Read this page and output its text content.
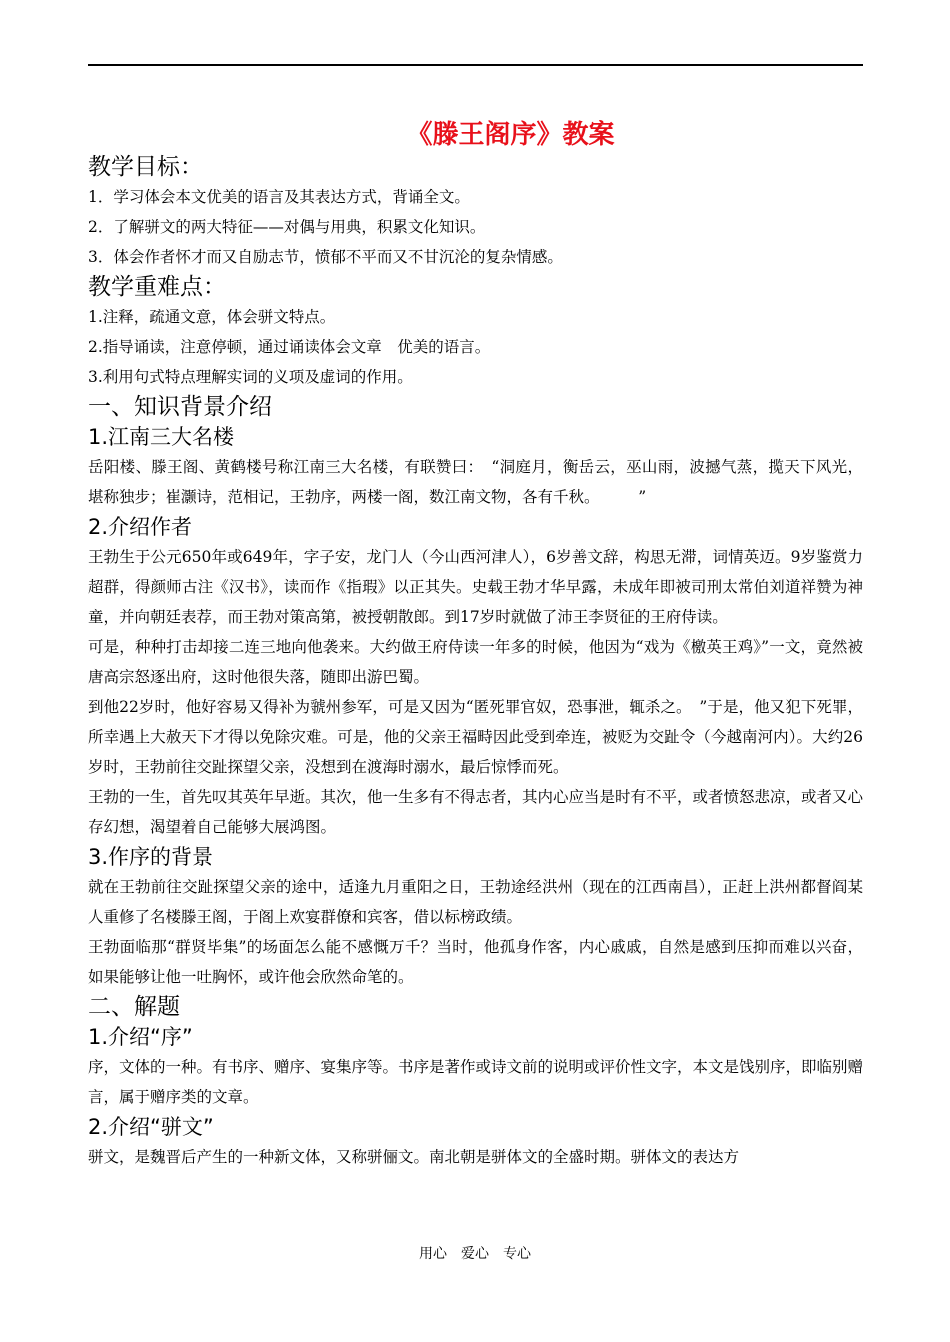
《滕王阁序》教案
教学目标：
1．学习体会本文优美的语言及其表达方式，背诵全文。
2．了解骈文的两大特征——对偶与用典，积累文化知识。
3．体会作者怀才而又自励志节，愤郁不平而又不甘沉沦的复杂情感。
教学重难点：
1.注释，疏通文意，体会骈文特点。
2.指导诵读，注意停顿，通过诵读体会文章　优美的语言。
3.利用句式特点理解实词的义项及虚词的作用。
一、知识背景介绍
1.江南三大名楼
岳阳楼、滕王阁、黄鹤楼号称江南三大名楼，有联赞曰：　“洞庭月，衡岳云，巫山雨，波撼气蒸，揽天下风光，堪称独步；崔灏诗，范相记，王勃序，两楼一阁，数江南文物，各有千秋。　　　”
2.介绍作者
王勃生于公元650年或649年，字子安，龙门人（今山西河津人），6岁善文辞，构思无滞，词情英迈。9岁鉴赏力超群，得颜师古注《汉书》，读而作《指瑕》以正其失。史载王勃才华早露，未成年即被司刑太常伯刘道祥赞为神童，并向朝廷表荐，而王勃对策高第，被授朝散郎。到17岁时就做了沛王李贤征的王府侍读。
可是，种种打击却接二连三地向他袭来。大约做王府侍读一年多的时候，他因为“戏为《檄英王鸡》”一文，竟然被唐高宗怒逐出府，这时他很失落，随即出游巴蜀。
到他22岁时，他好容易又得补为虢州参军，可是又因为“匿死罪官奴，恐事泄，辄杀之。　”于是，他又犯下死罪，所幸遇上大赦天下才得以免除灾难。可是，他的父亲王福畤因此受到牵连，被贬为交趾令（今越南河内）。大约26岁时，王勃前往交趾探望父亲，没想到在渡海时溺水，最后惊悸而死。
王勃的一生，首先叹其英年早逝。其次，他一生多有不得志者，其内心应当是时有不平，或者愤怒悲凉，或者又心存幻想，渴望着自己能够大展鸿图。
3.作序的背景
就在王勃前往交趾探望父亲的途中，适逢九月重阳之日，王勃途经洪州（现在的江西南昌），正赶上洪州都督阎某人重修了名楼滕王阁，于阁上欢宴群僚和宾客，借以标榜政绩。
王勃面临那“群贤毕集”的场面怎么能不感慨万千？当时，他孤身作客，内心戚戚，自然是感到压抑而难以兴奋，如果能够让他一吐胸怀，或许他会欣然命笔的。
二、解题
1.介绍“序”
序，文体的一种。有书序、赠序、宴集序等。书序是著作或诗文前的说明或评价性文字，本文是饯别序，即临别赠言，属于赠序类的文章。
2.介绍“骈文”
骈文，是魏晋后产生的一种新文体，又称骈俪文。南北朝是骈体文的全盛时期。骈体文的表达方
用心　爱心　专心
